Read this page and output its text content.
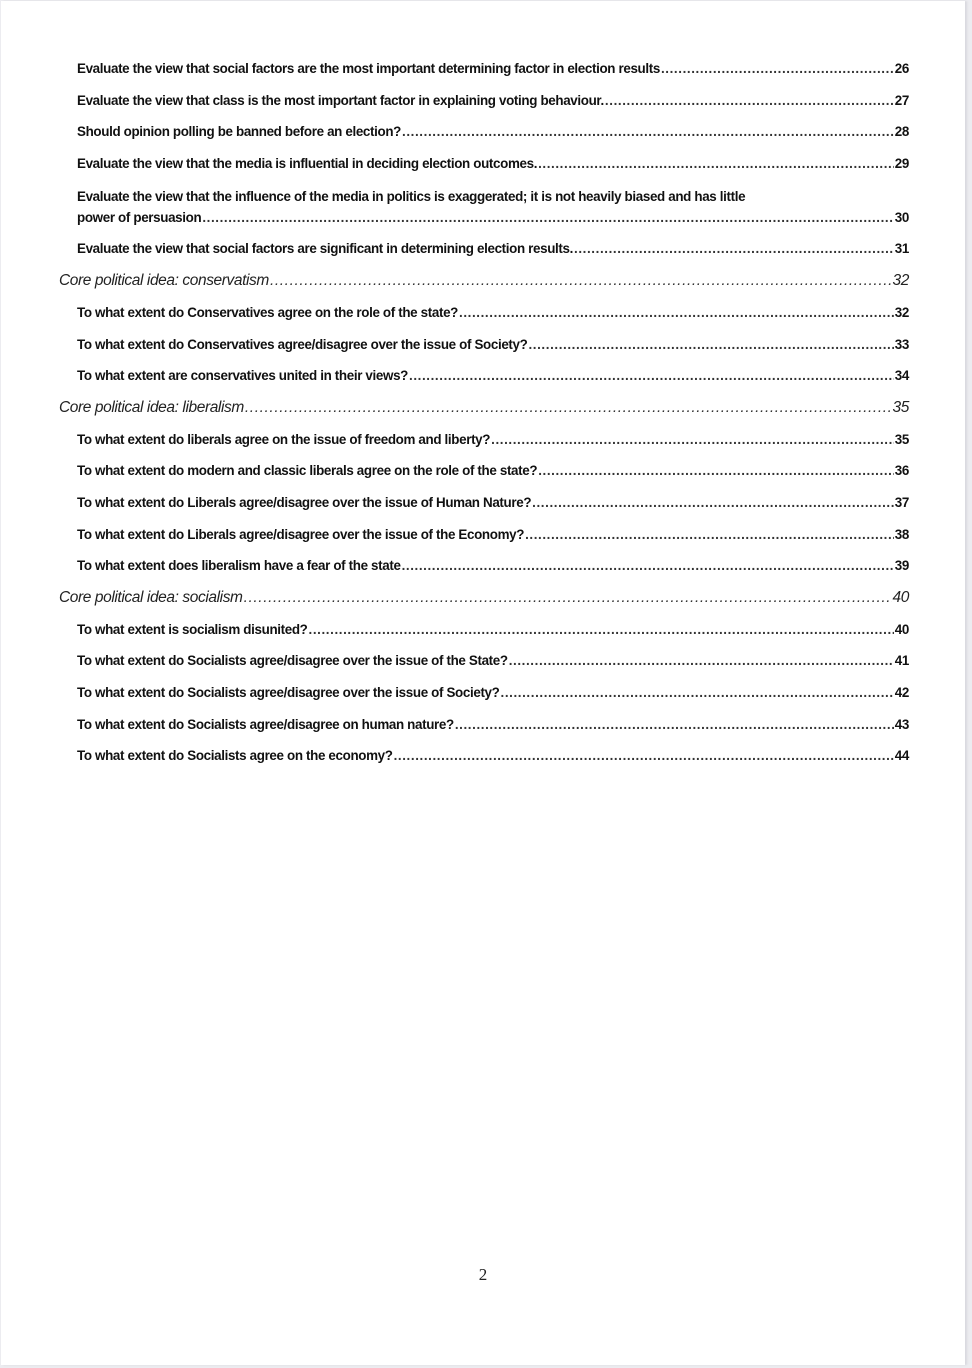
Evaluate the view that social factors are the most important determining factor in election results .....	26
Evaluate the view that class is the most important factor in explaining voting behaviour. .....	27
Should opinion polling be banned before an election? .....	28
Evaluate the view that the media is influential in deciding election outcomes. .....	29
Evaluate the view that the influence of the media in politics is exaggerated; it is not heavily biased and has little
power of persuasion .....	30
Evaluate the view that social factors are significant in determining election results. .....	31
Core political idea: conservatism .....	32
To what extent do Conservatives agree on the role of the state? .....	32
To what extent do Conservatives agree/disagree over the issue of Society? .....	33
To what extent are conservatives united in their views? .....	34
Core political idea: liberalism .....	35
To what extent do liberals agree on the issue of freedom and liberty? .....	35
To what extent do modern and classic liberals agree on the role of the state? .....	36
To what extent do Liberals agree/disagree over the issue of Human Nature? .....	37
To what extent do Liberals agree/disagree over the issue of the Economy? .....	38
To what extent does liberalism have a fear of the state .....	39
Core political idea: socialism .....	40
To what extent is socialism disunited? .....	40
To what extent do Socialists agree/disagree over the issue of the State? .....	41
To what extent do Socialists agree/disagree over the issue of Society? .....	42
To what extent do Socialists agree/disagree on human nature? .....	43
To what extent do Socialists agree on the economy? .....	44
2
